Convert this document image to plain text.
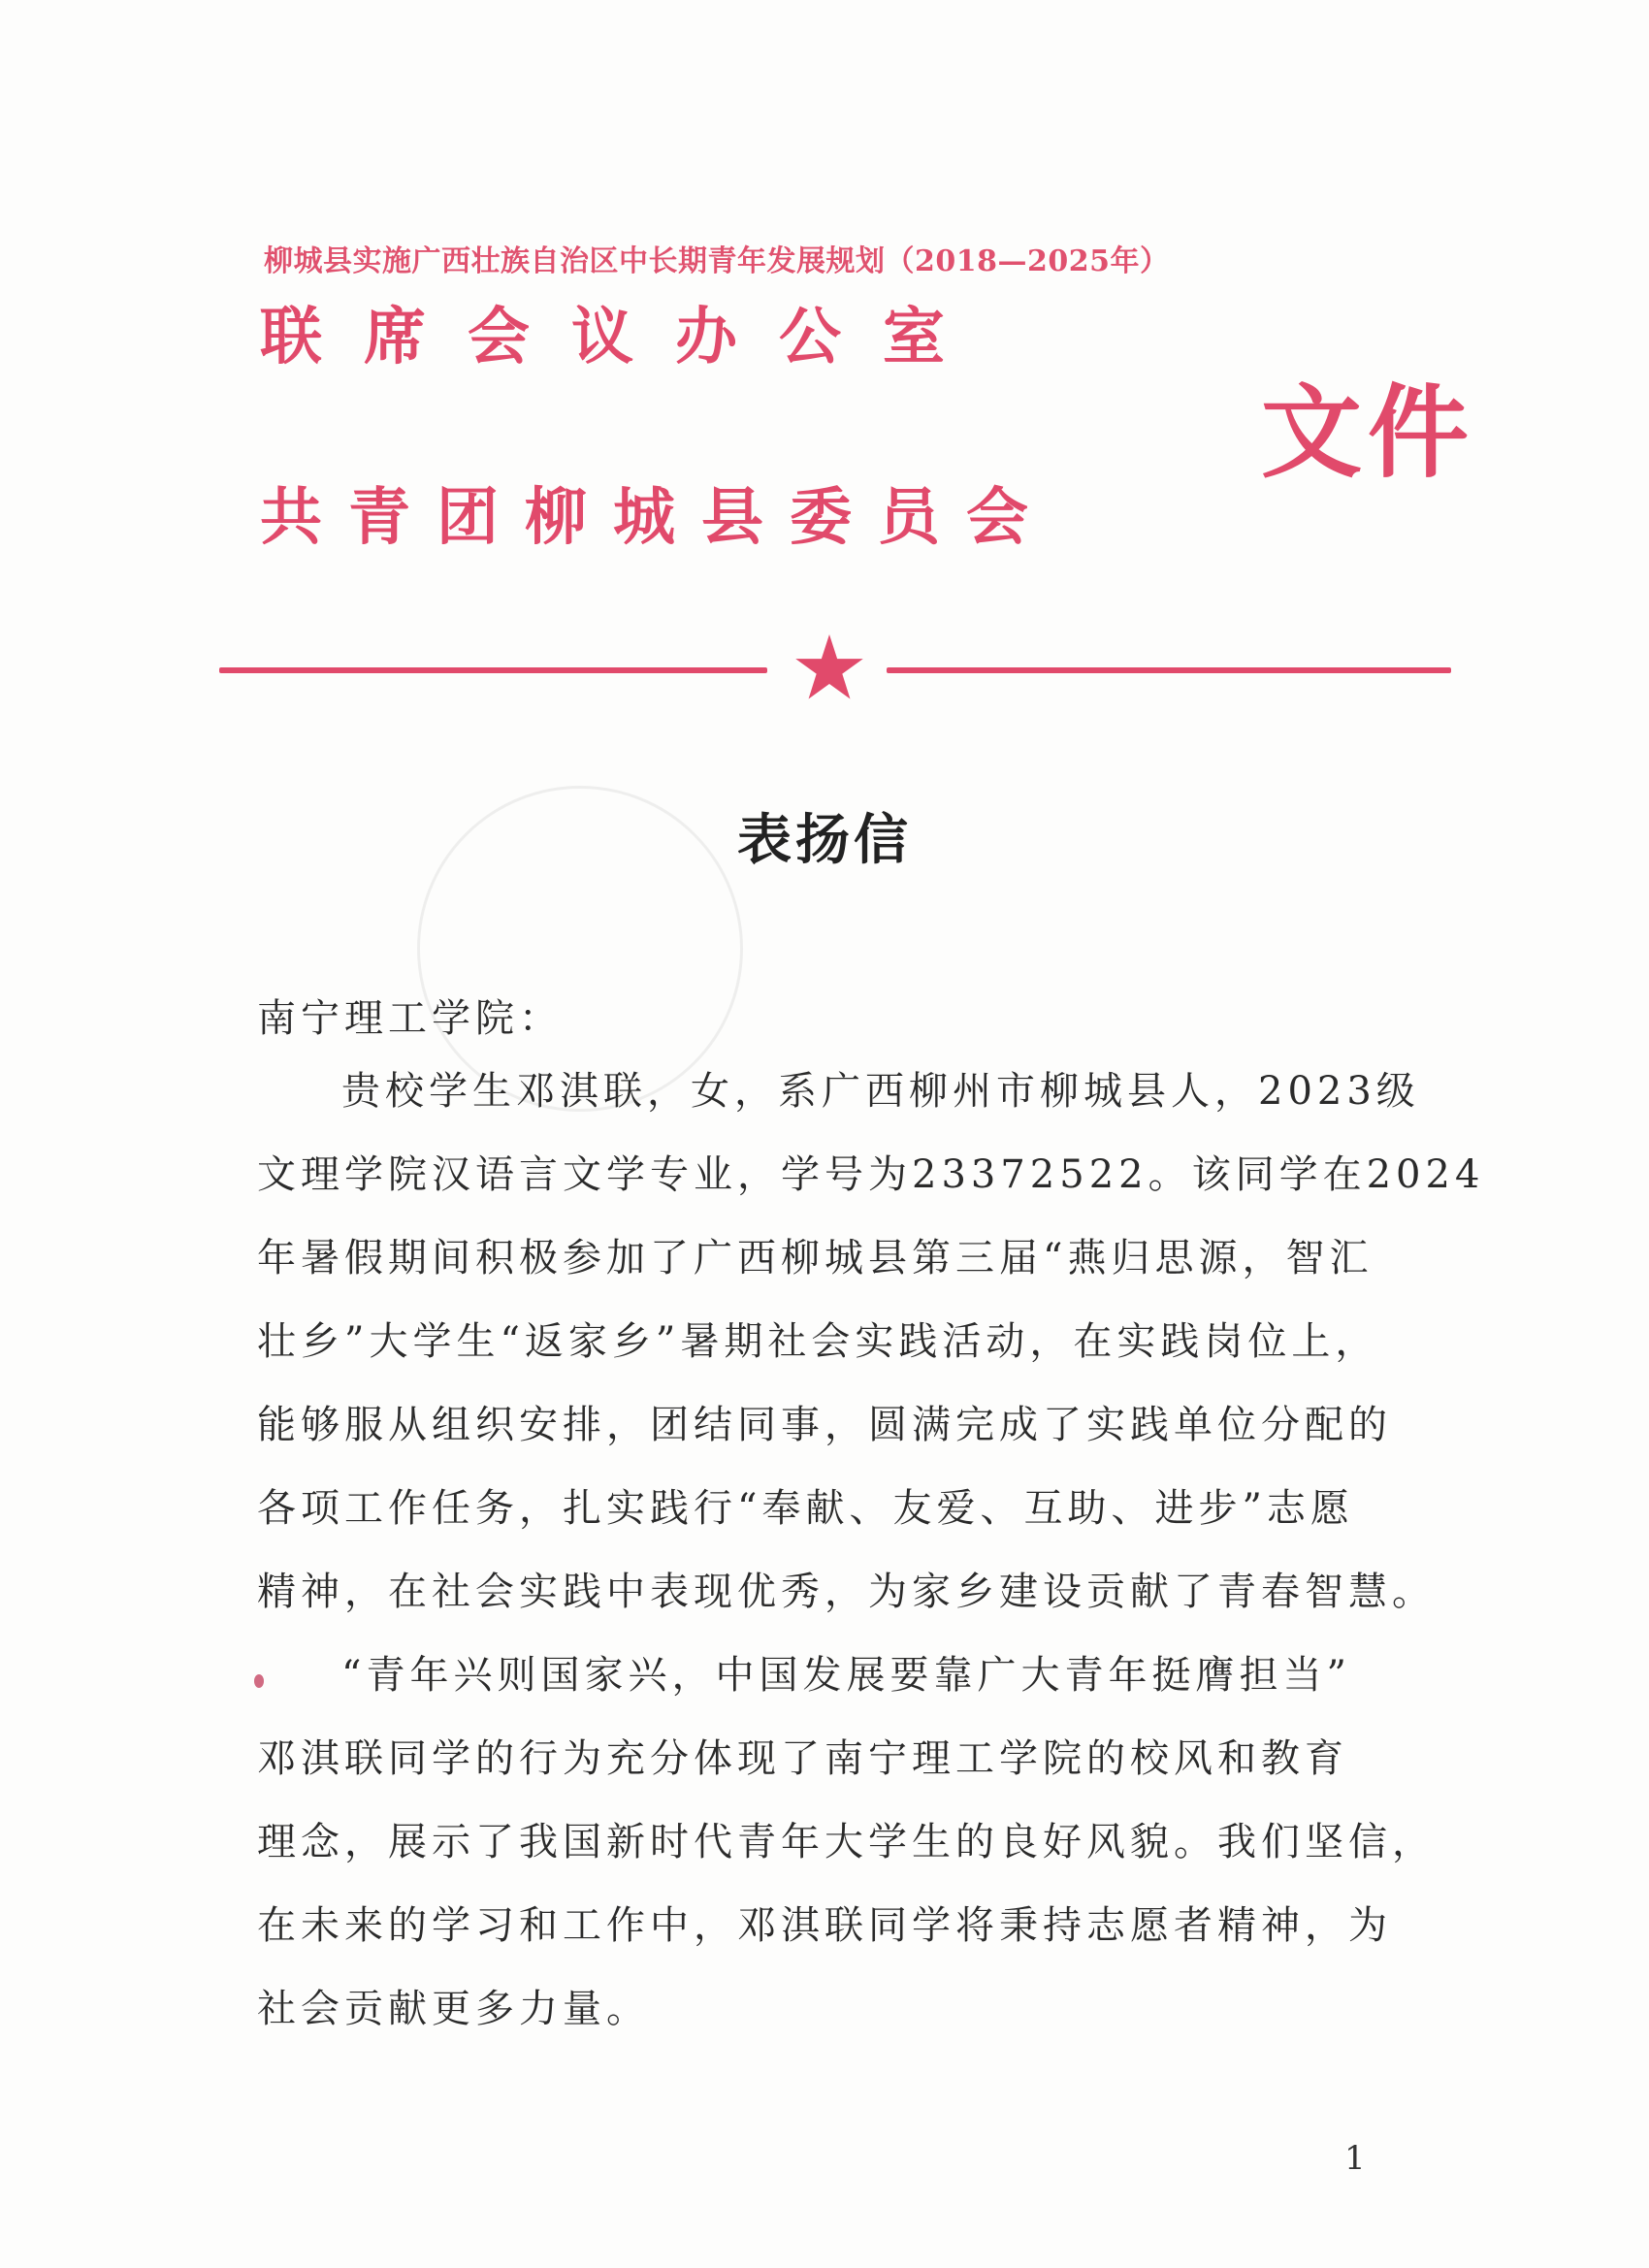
柳城县实施广西壮族自治区中长期青年发展规划（2018—2025年）
联席会议办公室
文件
共青团柳城县委员会
表扬信
南宁理工学院：
贵校学生邓淇联，女，系广西柳州市柳城县人，2023级
文理学院汉语言文学专业，学号为23372522。该同学在2024
年暑假期间积极参加了广西柳城县第三届“燕归思源，智汇
壮乡”大学生“返家乡”暑期社会实践活动，在实践岗位上，
能够服从组织安排，团结同事，圆满完成了实践单位分配的
各项工作任务，扎实践行“奉献、友爱、互助、进步”志愿
精神，在社会实践中表现优秀，为家乡建设贡献了青春智慧。
“青年兴则国家兴，中国发展要靠广大青年挺膺担当”
邓淇联同学的行为充分体现了南宁理工学院的校风和教育
理念，展示了我国新时代青年大学生的良好风貌。我们坚信，
在未来的学习和工作中，邓淇联同学将秉持志愿者精神，为
社会贡献更多力量。
1
